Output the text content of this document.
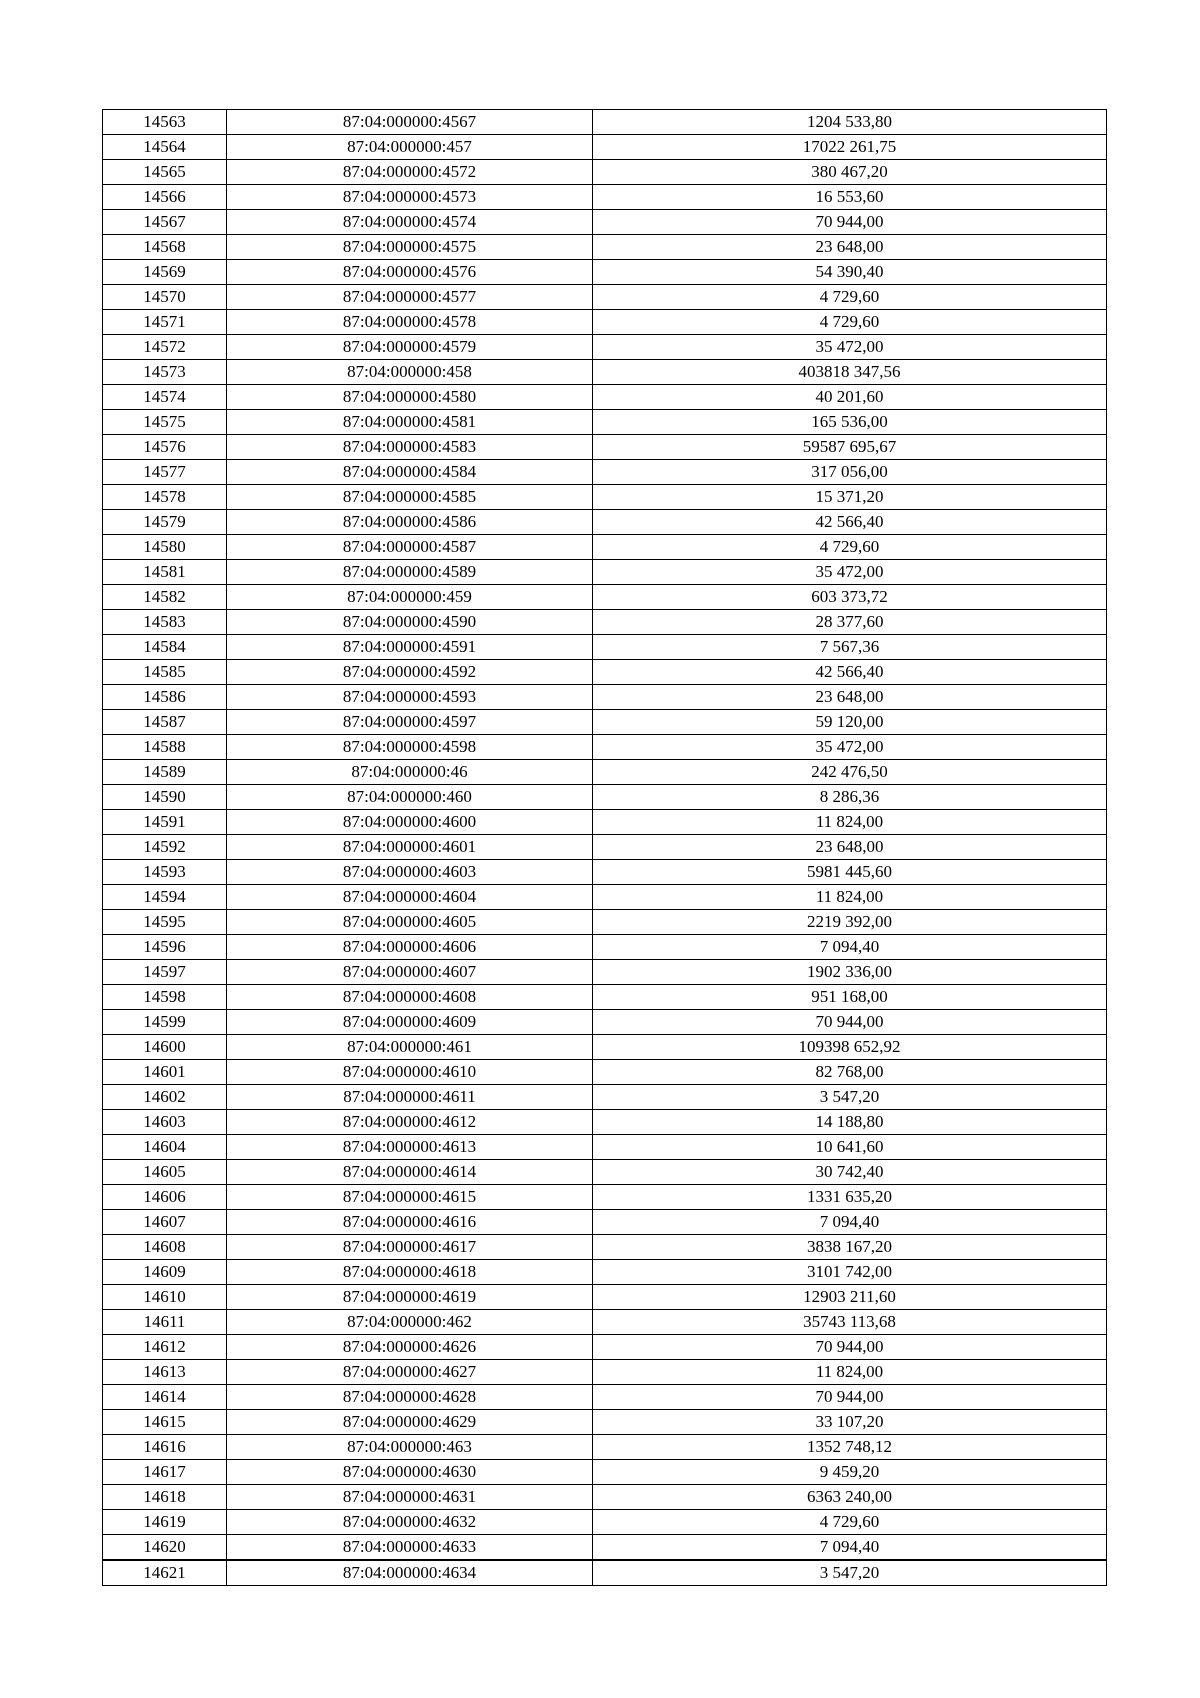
14563	87:04:000000:4567	1204 533,80
14564	87:04:000000:457	17022 261,75
14565	87:04:000000:4572	380 467,20
14566	87:04:000000:4573	16 553,60
14567	87:04:000000:4574	70 944,00
14568	87:04:000000:4575	23 648,00
14569	87:04:000000:4576	54 390,40
14570	87:04:000000:4577	4 729,60
14571	87:04:000000:4578	4 729,60
14572	87:04:000000:4579	35 472,00
14573	87:04:000000:458	403818 347,56
14574	87:04:000000:4580	40 201,60
14575	87:04:000000:4581	165 536,00
14576	87:04:000000:4583	59587 695,67
14577	87:04:000000:4584	317 056,00
14578	87:04:000000:4585	15 371,20
14579	87:04:000000:4586	42 566,40
14580	87:04:000000:4587	4 729,60
14581	87:04:000000:4589	35 472,00
14582	87:04:000000:459	603 373,72
14583	87:04:000000:4590	28 377,60
14584	87:04:000000:4591	7 567,36
14585	87:04:000000:4592	42 566,40
14586	87:04:000000:4593	23 648,00
14587	87:04:000000:4597	59 120,00
14588	87:04:000000:4598	35 472,00
14589	87:04:000000:46	242 476,50
14590	87:04:000000:460	8 286,36
14591	87:04:000000:4600	11 824,00
14592	87:04:000000:4601	23 648,00
14593	87:04:000000:4603	5981 445,60
14594	87:04:000000:4604	11 824,00
14595	87:04:000000:4605	2219 392,00
14596	87:04:000000:4606	7 094,40
14597	87:04:000000:4607	1902 336,00
14598	87:04:000000:4608	951 168,00
14599	87:04:000000:4609	70 944,00
14600	87:04:000000:461	109398 652,92
14601	87:04:000000:4610	82 768,00
14602	87:04:000000:4611	3 547,20
14603	87:04:000000:4612	14 188,80
14604	87:04:000000:4613	10 641,60
14605	87:04:000000:4614	30 742,40
14606	87:04:000000:4615	1331 635,20
14607	87:04:000000:4616	7 094,40
14608	87:04:000000:4617	3838 167,20
14609	87:04:000000:4618	3101 742,00
14610	87:04:000000:4619	12903 211,60
14611	87:04:000000:462	35743 113,68
14612	87:04:000000:4626	70 944,00
14613	87:04:000000:4627	11 824,00
14614	87:04:000000:4628	70 944,00
14615	87:04:000000:4629	33 107,20
14616	87:04:000000:463	1352 748,12
14617	87:04:000000:4630	9 459,20
14618	87:04:000000:4631	6363 240,00
14619	87:04:000000:4632	4 729,60
14620	87:04:000000:4633	7 094,40
14621	87:04:000000:4634	3 547,20
